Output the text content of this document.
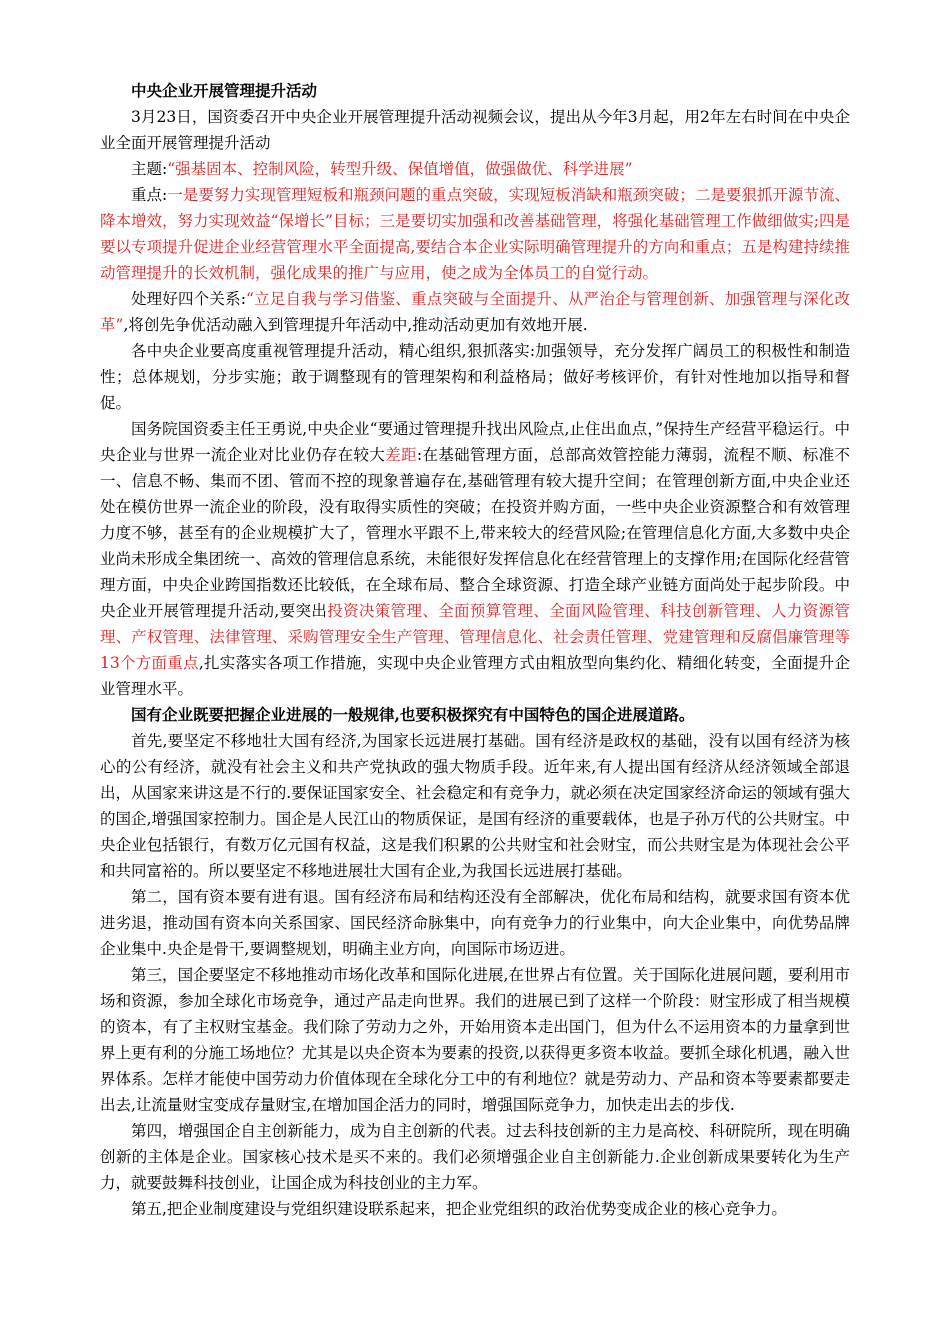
中央企业开展管理提升活动

3月23日，国资委召开中央企业开展管理提升活动视频会议，提出从今年3月起，用2年左右时间在中央企业全面开展管理提升活动

主题:“强基固本、控制风险，转型升级、保值增值，做强做优、科学进展”

重点:一是要努力实现管理短板和瓶颈问题的重点突破，实现短板消缺和瓶颈突破；二是要狠抓开源节流、降本增效，努力实现效益“保增长”目标；三是要切实加强和改善基础管理，将强化基础管理工作做细做实;四是要以专项提升促进企业经营管理水平全面提高,要结合本企业实际明确管理提升的方向和重点；五是构建持续推动管理提升的长效机制，强化成果的推广与应用，使之成为全体员工的自觉行动。

处理好四个关系:“立足自我与学习借鉴、重点突破与全面提升、从严治企与管理创新、加强管理与深化改革”,将创先争优活动融入到管理提升年活动中,推动活动更加有效地开展.

各中央企业要高度重视管理提升活动，精心组织,狠抓落实:加强领导，充分发挥广阔员工的积极性和制造性；总体规划，分步实施；敢于调整现有的管理架构和利益格局；做好考核评价，有针对性地加以指导和督促。

国务院国资委主任王勇说,中央企业“要通过管理提升找出风险点,止住出血点，”保持生产经营平稳运行。中央企业与世界一流企业对比业仍存在较大差距:在基础管理方面，总部高效管控能力薄弱，流程不顺、标准不一、信息不畅、集而不团、管而不控的现象普遍存在,基础管理有较大提升空间；在管理创新方面,中央企业还处在模仿世界一流企业的阶段，没有取得实质性的突破；在投资并购方面，一些中央企业资源整合和有效管理力度不够，甚至有的企业规模扩大了，管理水平跟不上,带来较大的经营风险;在管理信息化方面,大多数中央企业尚未形成全集团统一、高效的管理信息系统，未能很好发挥信息化在经营管理上的支撑作用;在国际化经营管理方面，中央企业跨国指数还比较低，在全球布局、整合全球资源、打造全球产业链方面尚处于起步阶段。中央企业开展管理提升活动,要突出投资决策管理、全面预算管理、全面风险管理、科技创新管理、人力资源管理、产权管理、法律管理、采购管理安全生产管理、管理信息化、社会责任管理、党建管理和反腐倡廉管理等13个方面重点,扎实落实各项工作措施，实现中央企业管理方式由粗放型向集约化、精细化转变，全面提升企业管理水平。

国有企业既要把握企业进展的一般规律,也要积极探究有中国特色的国企进展道路。

首先,要坚定不移地壮大国有经济,为国家长远进展打基础。国有经济是政权的基础，没有以国有经济为核心的公有经济，就没有社会主义和共产党执政的强大物质手段。近年来,有人提出国有经济从经济领域全部退出，从国家来讲这是不行的.要保证国家安全、社会稳定和有竞争力，就必须在决定国家经济命运的领域有强大的国企,增强国家控制力。国企是人民江山的物质保证，是国有经济的重要载体，也是子孙万代的公共财宝。中央企业包括银行，有数万亿元国有权益，这是我们积累的公共财宝和社会财宝，而公共财宝是为体现社会公平和共同富裕的。所以要坚定不移地进展壮大国有企业,为我国长远进展打基础。

第二，国有资本要有进有退。国有经济布局和结构还没有全部解决，优化布局和结构，就要求国有资本优进劣退，推动国有资本向关系国家、国民经济命脉集中，向有竞争力的行业集中，向大企业集中，向优势品牌企业集中.央企是骨干,要调整规划，明确主业方向，向国际市场迈进。

第三，国企要坚定不移地推动市场化改革和国际化进展,在世界占有位置。关于国际化进展问题，要利用市场和资源，参加全球化市场竞争，通过产品走向世界。我们的进展已到了这样一个阶段：财宝形成了相当规模的资本，有了主权财宝基金。我们除了劳动力之外，开始用资本走出国门，但为什么不运用资本的力量拿到世界上更有利的分施工场地位？尤其是以央企资本为要素的投资,以获得更多资本收益。要抓全球化机遇，融入世界体系。怎样才能使中国劳动力价值体现在全球化分工中的有利地位？就是劳动力、产品和资本等要素都要走出去,让流量财宝变成存量财宝,在增加国企活力的同时，增强国际竞争力，加快走出去的步伐.

第四，增强国企自主创新能力，成为自主创新的代表。过去科技创新的主力是高校、科研院所，现在明确创新的主体是企业。国家核心技术是买不来的。我们必须增强企业自主创新能力.企业创新成果要转化为生产力，就要鼓舞科技创业，让国企成为科技创业的主力军。

第五,把企业制度建设与党组织建设联系起来，把企业党组织的政治优势变成企业的核心竞争力。
